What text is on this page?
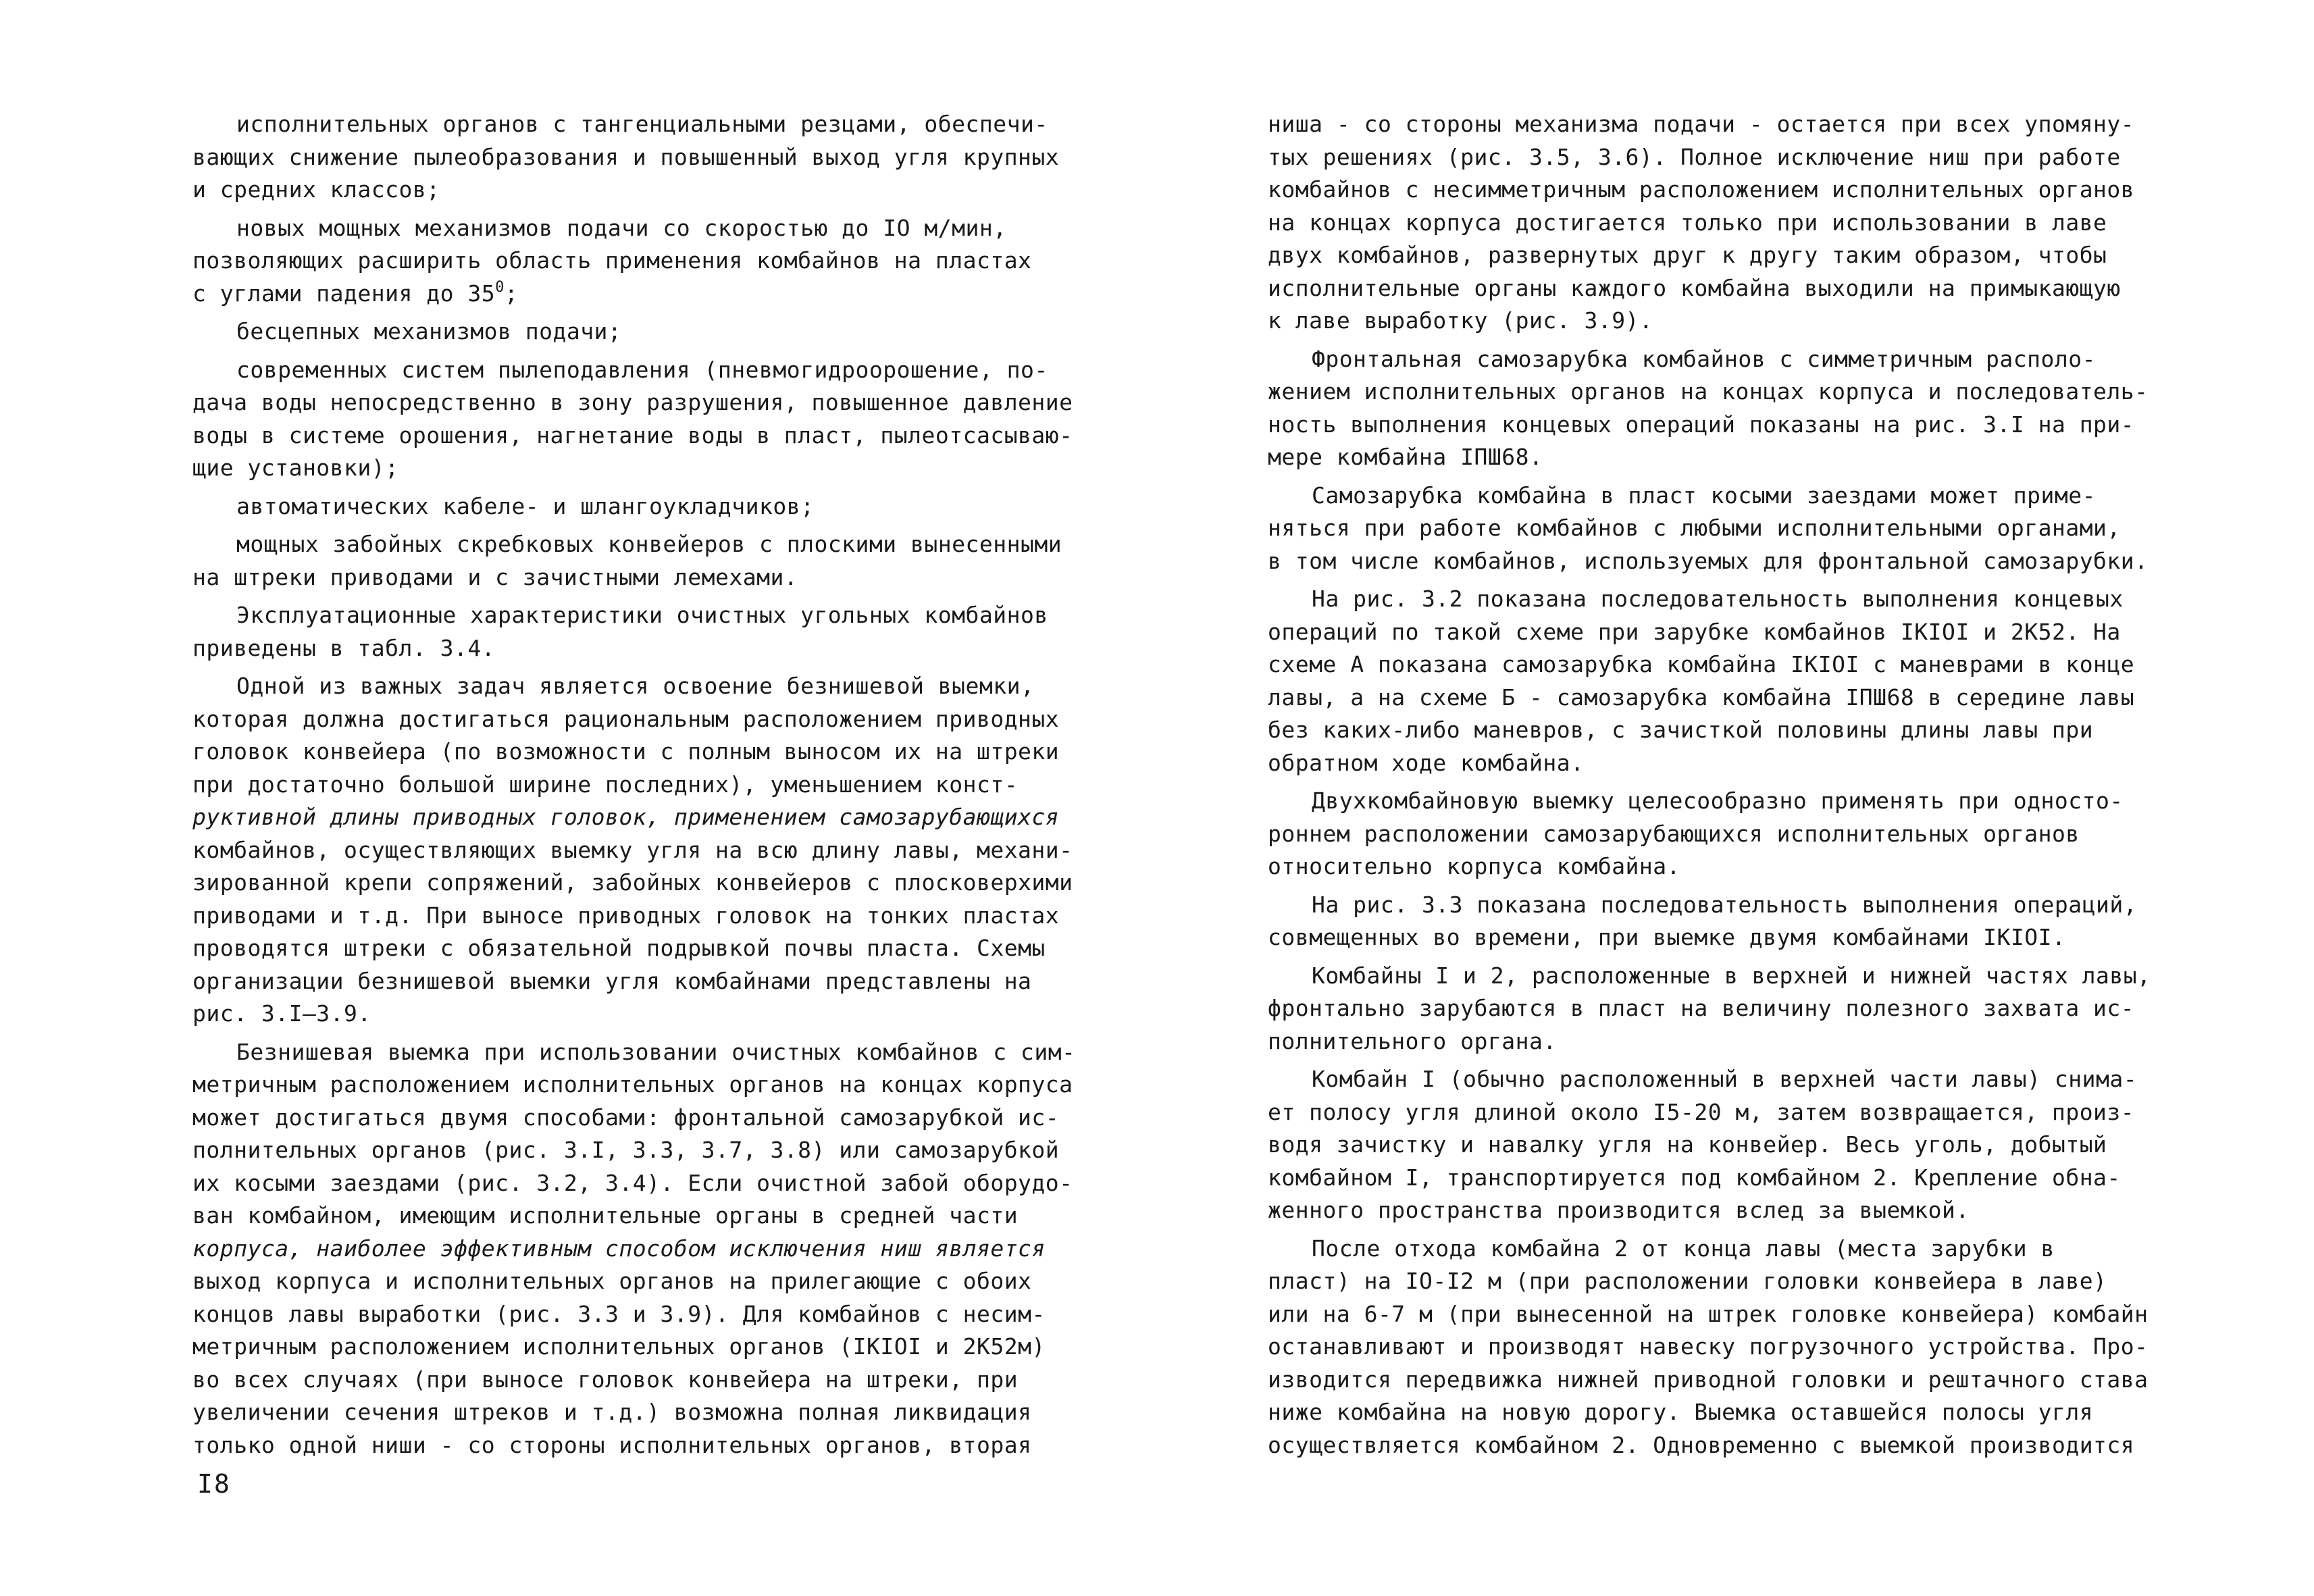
исполнительных органов с тангенциальными резцами, обеспечи-
вающих снижение пылеобразования и повышенный выход угля крупных
и средних классов;
новых мощных механизмов подачи со скоростью до IO м/мин,
позволяющих расширить область применения комбайнов на пластах
с углами падения до $35^0$;
бесцепных механизмов подачи;
современных систем пылеподавления (пневмогидроорошение, по-
дача воды непосредственно в зону разрушения, повышенное давление
воды в системе орошения, нагнетание воды в пласт, пылеотсасываю-
щие установки);
автоматических кабеле- и шлангоукладчиков;
мощных забойных скребковых конвейеров с плоскими вынесенными
на штреки приводами и с зачистными лемехами.
Эксплуатационные характеристики очистных угольных комбайнов
приведены в табл. 3.4.
Одной из важных задач является освоение безнишевой выемки,
которая должна достигаться рациональным расположением приводных
головок конвейера (по возможности с полным выносом их на штреки
при достаточно большой ширине последних), уменьшением конст-
руктивной длины приводных головок, применением самозарубающихся
комбайнов, осуществляющих выемку угля на всю длину лавы, механи-
зированной крепи сопряжений, забойных конвейеров с плосковерхими
приводами и т.д. При выносе приводных головок на тонких пластах
проводятся штреки с обязательной подрывкой почвы пласта. Схемы
организации безнишевой выемки угля комбайнами представлены на
рис. 3.I–3.9.
Безнишевая выемка при использовании очистных комбайнов с сим-
метричным расположением исполнительных органов на концах корпуса
может достигаться двумя способами: фронтальной самозарубкой ис-
полнительных органов (рис. 3.I, 3.3, 3.7, 3.8) или самозарубкой
их косыми заездами (рис. 3.2, 3.4). Если очистной забой оборудо-
ван комбайном, имеющим исполнительные органы в средней части
корпуса, наиболее эффективным способом исключения ниш является
выход корпуса и исполнительных органов на прилегающие с обоих
концов лавы выработки (рис. 3.3 и 3.9). Для комбайнов с несим-
метричным расположением исполнительных органов (IKIOI и 2K52м)
во всех случаях (при выносе головок конвейера на штреки, при
увеличении сечения штреков и т.д.) возможна полная ликвидация
только одной ниши - со стороны исполнительных органов, вторая
I8
ниша - со стороны механизма подачи - остается при всех упомяну-
тых решениях (рис. 3.5, 3.6). Полное исключение ниш при работе
комбайнов с несимметричным расположением исполнительных органов
на концах корпуса достигается только при использовании в лаве
двух комбайнов, развернутых друг к другу таким образом, чтобы
исполнительные органы каждого комбайна выходили на примыкающую
к лаве выработку (рис. 3.9).
Фронтальная самозарубка комбайнов с симметричным располо-
жением исполнительных органов на концах корпуса и последователь-
ность выполнения концевых операций показаны на рис. 3.I на при-
мере комбайна IПШ68.
Самозарубка комбайна в пласт косыми заездами может приме-
няться при работе комбайнов с любыми исполнительными органами,
в том числе комбайнов, используемых для фронтальной самозарубки.
На рис. 3.2 показана последовательность выполнения концевых
операций по такой схеме при зарубке комбайнов IKIOI и 2K52. На
схеме А показана самозарубка комбайна IKIOI с маневрами в конце
лавы, а на схеме Б - самозарубка комбайна IПШ68 в середине лавы
без каких-либо маневров, с зачисткой половины длины лавы при
обратном ходе комбайна.
Двухкомбайновую выемку целесообразно применять при односто-
роннем расположении самозарубающихся исполнительных органов
относительно корпуса комбайна.
На рис. 3.3 показана последовательность выполнения операций,
совмещенных во времени, при выемке двумя комбайнами IKIOI.
Комбайны I и 2, расположенные в верхней и нижней частях лавы,
фронтально зарубаются в пласт на величину полезного захвата ис-
полнительного органа.
Комбайн I (обычно расположенный в верхней части лавы) снима-
ет полосу угля длиной около I5-20 м, затем возвращается, произ-
водя зачистку и навалку угля на конвейер. Весь уголь, добытый
комбайном I, транспортируется под комбайном 2. Крепление обна-
женного пространства производится вслед за выемкой.
После отхода комбайна 2 от конца лавы (места зарубки в
пласт) на IO-I2 м (при расположении головки конвейера в лаве)
или на 6-7 м (при вынесенной на штрек головке конвейера) комбайн
останавливают и производят навеску погрузочного устройства. Про-
изводится передвижка нижней приводной головки и рештачного става
ниже комбайна на новую дорогу. Выемка оставшейся полосы угля
осуществляется комбайном 2. Одновременно с выемкой производится
